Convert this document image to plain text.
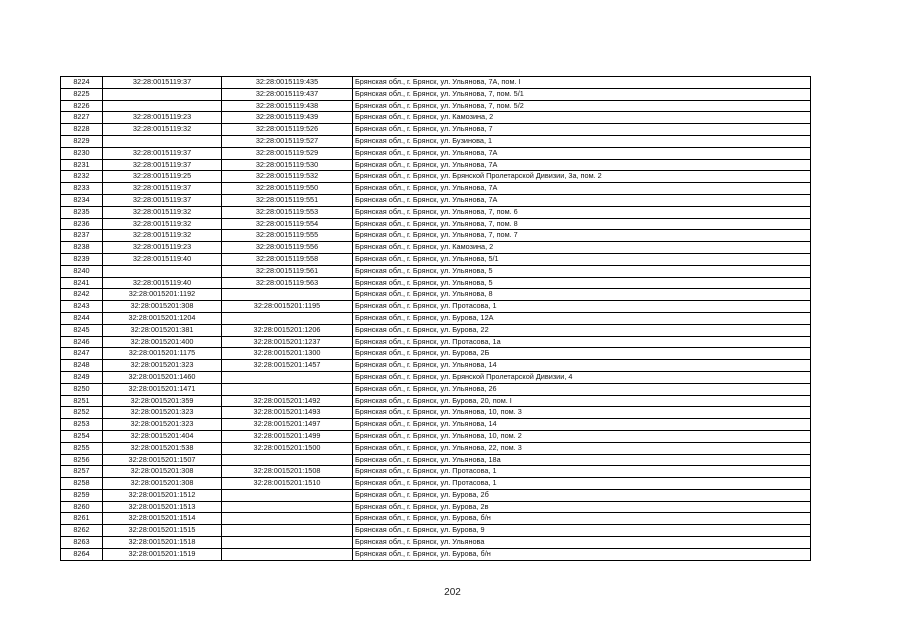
8224	32:28:0015119:37	32:28:0015119:435	Брянская обл., г. Брянск, ул. Ульянова, 7А, пом. I
8225		32:28:0015119:437	Брянская обл., г. Брянск, ул. Ульянова, 7, пом. 5/1
8226		32:28:0015119:438	Брянская обл., г. Брянск, ул. Ульянова, 7, пом. 5/2
8227	32:28:0015119:23	32:28:0015119:439	Брянская обл., г. Брянск, ул. Камозина, 2
8228	32:28:0015119:32	32:28:0015119:526	Брянская обл., г. Брянск, ул. Ульянова, 7
8229		32:28:0015119:527	Брянская обл., г. Брянск, ул. Бузинова, 1
8230	32:28:0015119:37	32:28:0015119:529	Брянская обл., г. Брянск, ул. Ульянова, 7А
8231	32:28:0015119:37	32:28:0015119:530	Брянская обл., г. Брянск, ул. Ульянова, 7А
8232	32:28:0015119:25	32:28:0015119:532	Брянская обл., г. Брянск, ул. Брянской Пролетарской Дивизии, 3а, пом. 2
8233	32:28:0015119:37	32:28:0015119:550	Брянская обл., г. Брянск, ул. Ульянова, 7А
8234	32:28:0015119:37	32:28:0015119:551	Брянская обл., г. Брянск, ул. Ульянова, 7А
8235	32:28:0015119:32	32:28:0015119:553	Брянская обл., г. Брянск, ул. Ульянова, 7, пом. 6
8236	32:28:0015119:32	32:28:0015119:554	Брянская обл., г. Брянск, ул. Ульянова, 7, пом. 8
8237	32:28:0015119:32	32:28:0015119:555	Брянская обл., г. Брянск, ул. Ульянова, 7, пом. 7
8238	32:28:0015119:23	32:28:0015119:556	Брянская обл., г. Брянск, ул. Камозина, 2
8239	32:28:0015119:40	32:28:0015119:558	Брянская обл., г. Брянск, ул. Ульянова, 5/1
8240		32:28:0015119:561	Брянская обл., г. Брянск, ул. Ульянова, 5
8241	32:28:0015119:40	32:28:0015119:563	Брянская обл., г. Брянск, ул. Ульянова, 5
8242	32:28:0015201:1192		Брянская обл., г. Брянск, ул. Ульянова, 8
8243	32:28:0015201:308	32:28:0015201:1195	Брянская обл., г. Брянск, ул. Протасова, 1
8244	32:28:0015201:1204		Брянская обл., г. Брянск, ул. Бурова, 12А
8245	32:28:0015201:381	32:28:0015201:1206	Брянская обл., г. Брянск, ул. Бурова, 22
8246	32:28:0015201:400	32:28:0015201:1237	Брянская обл., г. Брянск, ул. Протасова, 1а
8247	32:28:0015201:1175	32:28:0015201:1300	Брянская обл., г. Брянск, ул. Бурова, 2Б
8248	32:28:0015201:323	32:28:0015201:1457	Брянская обл., г. Брянск, ул. Ульянова, 14
8249	32:28:0015201:1460		Брянская обл., г. Брянск, ул. Брянской Пролетарской Дивизии, 4
8250	32:28:0015201:1471		Брянская обл., г. Брянск, ул. Ульянова, 26
8251	32:28:0015201:359	32:28:0015201:1492	Брянская обл., г. Брянск, ул. Бурова, 20, пом. I
8252	32:28:0015201:323	32:28:0015201:1493	Брянская обл., г. Брянск, ул. Ульянова, 10, пом. 3
8253	32:28:0015201:323	32:28:0015201:1497	Брянская обл., г. Брянск, ул. Ульянова, 14
8254	32:28:0015201:404	32:28:0015201:1499	Брянская обл., г. Брянск, ул. Ульянова, 10, пом. 2
8255	32:28:0015201:538	32:28:0015201:1500	Брянская обл., г. Брянск, ул. Ульянова, 22, пом. 3
8256	32:28:0015201:1507		Брянская обл., г. Брянск, ул. Ульянова, 18а
8257	32:28:0015201:308	32:28:0015201:1508	Брянская обл., г. Брянск, ул. Протасова, 1
8258	32:28:0015201:308	32:28:0015201:1510	Брянская обл., г. Брянск, ул. Протасова, 1
8259	32:28:0015201:1512		Брянская обл., г. Брянск, ул. Бурова, 2б
8260	32:28:0015201:1513		Брянская обл., г. Брянск, ул. Бурова, 2в
8261	32:28:0015201:1514		Брянская обл., г. Брянск, ул. Бурова, б/н
8262	32:28:0015201:1515		Брянская обл., г. Брянск, ул. Бурова, 9
8263	32:28:0015201:1518		Брянская обл., г. Брянск, ул. Ульянова
8264	32:28:0015201:1519		Брянская обл., г. Брянск, ул. Бурова, б/н
202
